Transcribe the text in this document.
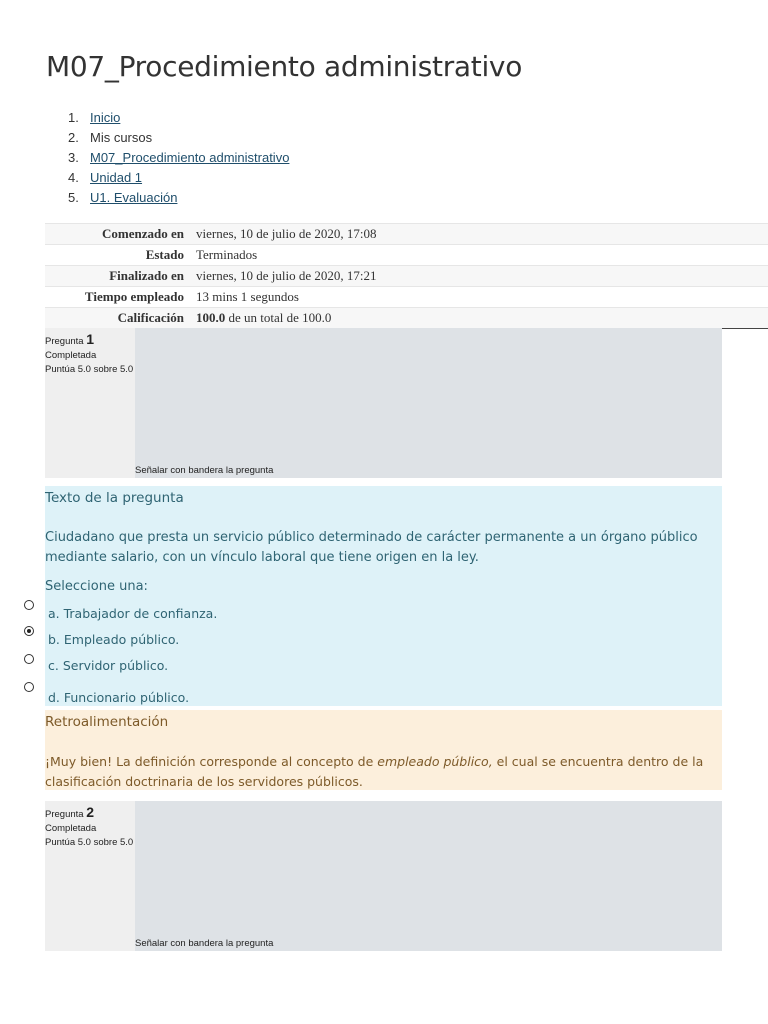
M07_Procedimiento administrativo
1. Inicio
2. Mis cursos
3. M07_Procedimiento administrativo
4. Unidad 1
5. U1. Evaluación
Comenzado en	viernes, 10 de julio de 2020, 17:08
Estado	Terminados
Finalizado en	viernes, 10 de julio de 2020, 17:21
Tiempo empleado	13 mins 1 segundos
Calificación	100.0 de un total de 100.0
Pregunta 1
Completada
Puntúa 5.0 sobre 5.0
Señalar con bandera la pregunta
Texto de la pregunta
Ciudadano que presta un servicio público determinado de carácter permanente a un órgano público mediante salario, con un vínculo laboral que tiene origen en la ley.
Seleccione una:
a. Trabajador de confianza.
b. Empleado público.
c. Servidor público.
d. Funcionario público.
Retroalimentación

¡Muy bien! La definición corresponde al concepto de empleado público, el cual se encuentra dentro de la clasificación doctrinaria de los servidores públicos.

Pregunta 2
Completada
Puntúa 5.0 sobre 5.0
Señalar con bandera la pregunta
